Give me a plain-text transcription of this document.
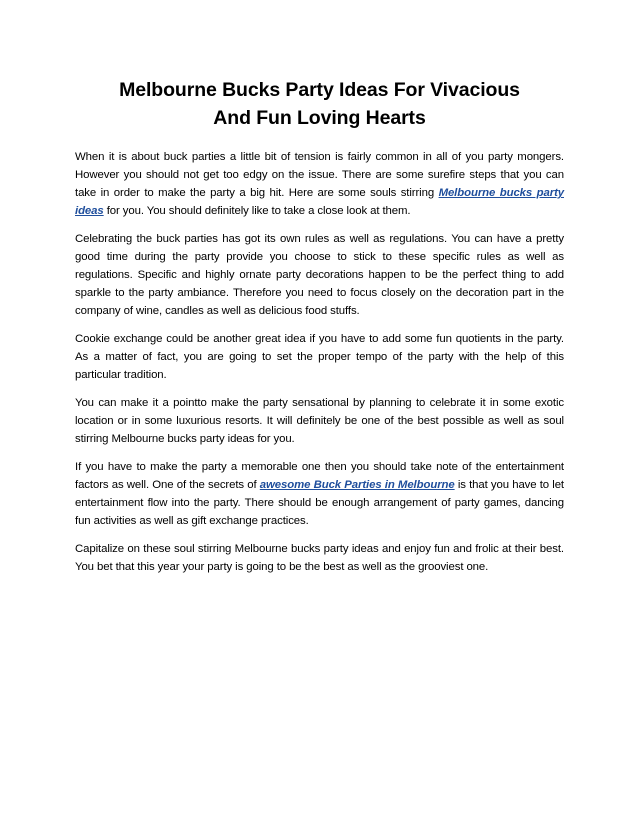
Melbourne Bucks Party Ideas For Vivacious
And Fun Loving Hearts

When it is about buck parties a little bit of tension is fairly common in all of you party mongers. However you should not get too edgy on the issue. There are some surefire steps that you can take in order to make the party a big hit. Here are some souls stirring Melbourne bucks party ideas for you. You should definitely like to take a close look at them.

Celebrating the buck parties has got its own rules as well as regulations. You can have a pretty good time during the party provide you choose to stick to these specific rules as well as regulations. Specific and highly ornate party decorations happen to be the perfect thing to add sparkle to the party ambiance. Therefore you need to focus closely on the decoration part in the company of wine, candles as well as delicious food stuffs.

Cookie exchange could be another great idea if you have to add some fun quotients in the party. As a matter of fact, you are going to set the proper tempo of the party with the help of this particular tradition.

You can make it a pointto make the party sensational by planning to celebrate it in some exotic location or in some luxurious resorts. It will definitely be one of the best possible as well as soul stirring Melbourne bucks party ideas for you.

If you have to make the party a memorable one then you should take note of the entertainment factors as well. One of the secrets of awesome Buck Parties in Melbourne is that you have to let entertainment flow into the party. There should be enough arrangement of party games, dancing fun activities as well as gift exchange practices.

Capitalize on these soul stirring Melbourne bucks party ideas and enjoy fun and frolic at their best. You bet that this year your party is going to be the best as well as the grooviest one.
